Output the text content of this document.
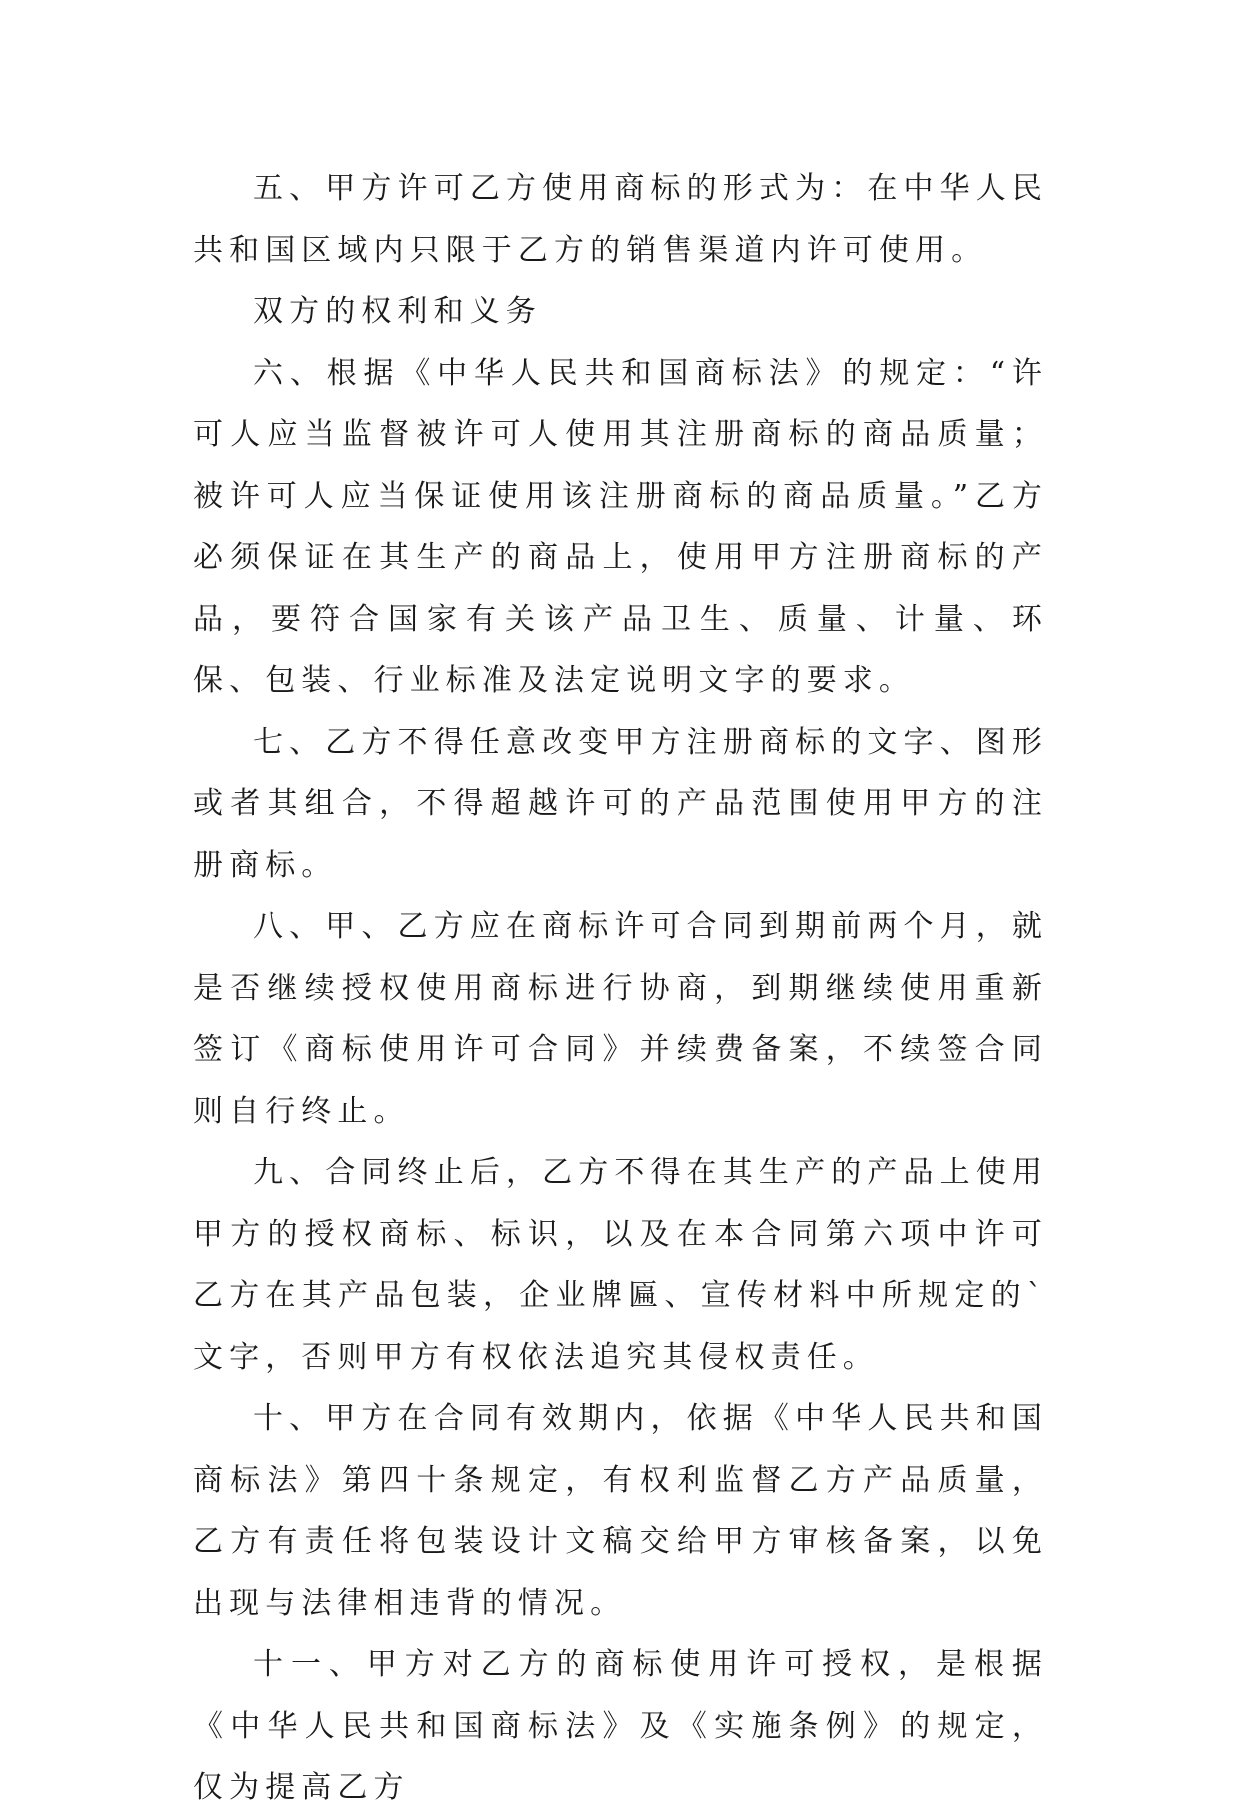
五、甲方许可乙方使用商标的形式为：在中华人民共和国区域内只限于乙方的销售渠道内许可使用。

双方的权利和义务

六、根据《中华人民共和国商标法》的规定：“许可人应当监督被许可人使用其注册商标的商品质量；被许可人应当保证使用该注册商标的商品质量。”乙方必须保证在其生产的商品上，使用甲方注册商标的产品，要符合国家有关该产品卫生、质量、计量、环保、包装、行业标准及法定说明文字的要求。

七、乙方不得任意改变甲方注册商标的文字、图形或者其组合，不得超越许可的产品范围使用甲方的注册商标。

八、甲、乙方应在商标许可合同到期前两个月，就是否继续授权使用商标进行协商，到期继续使用重新签订《商标使用许可合同》并续费备案，不续签合同则自行终止。

九、合同终止后，乙方不得在其生产的产品上使用甲方的授权商标、标识，以及在本合同第六项中许可乙方在其产品包装，企业牌匾、宣传材料中所规定的`文字，否则甲方有权依法追究其侵权责任。

十、甲方在合同有效期内，依据《中华人民共和国商标法》第四十条规定，有权利监督乙方产品质量，乙方有责任将包装设计文稿交给甲方审核备案，以免出现与法律相违背的情况。

十一、甲方对乙方的商标使用许可授权，是根据《中华人民共和国商标法》及《实施条例》的规定，仅为提高乙方
